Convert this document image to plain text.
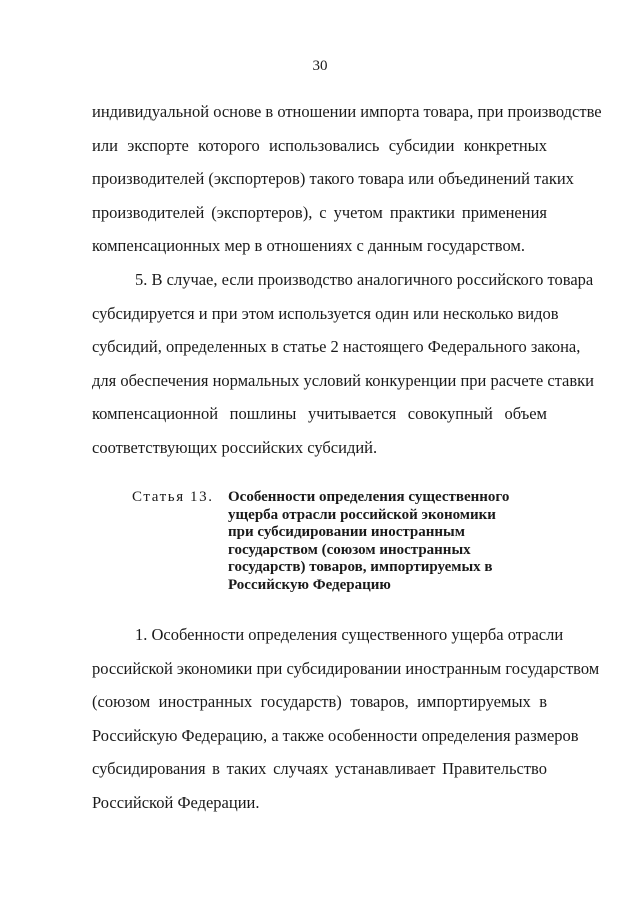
30
индивидуальной основе в отношении импорта товара, при производстве
или экспорте которого использовались субсидии конкретных
производителей (экспортеров) такого товара или объединений таких
производителей (экспортеров), с учетом практики применения
компенсационных мер в отношениях с данным государством.
5. В случае, если производство аналогичного российского товара
субсидируется и при этом используется один или несколько видов
субсидий, определенных в статье 2 настоящего Федерального закона,
для обеспечения нормальных условий конкуренции при расчете ставки
компенсационной пошлины учитывается совокупный объем
соответствующих российских субсидий.
Статья 13. Особенности определения существенного
ущерба отрасли российской экономики
при субсидировании иностранным
государством (союзом иностранных
государств) товаров, импортируемых в
Российскую Федерацию
1. Особенности определения существенного ущерба отрасли
российской экономики при субсидировании иностранным государством
(союзом иностранных государств) товаров, импортируемых в
Российскую Федерацию, а также особенности определения размеров
субсидирования в таких случаях устанавливает Правительство
Российской Федерации.
